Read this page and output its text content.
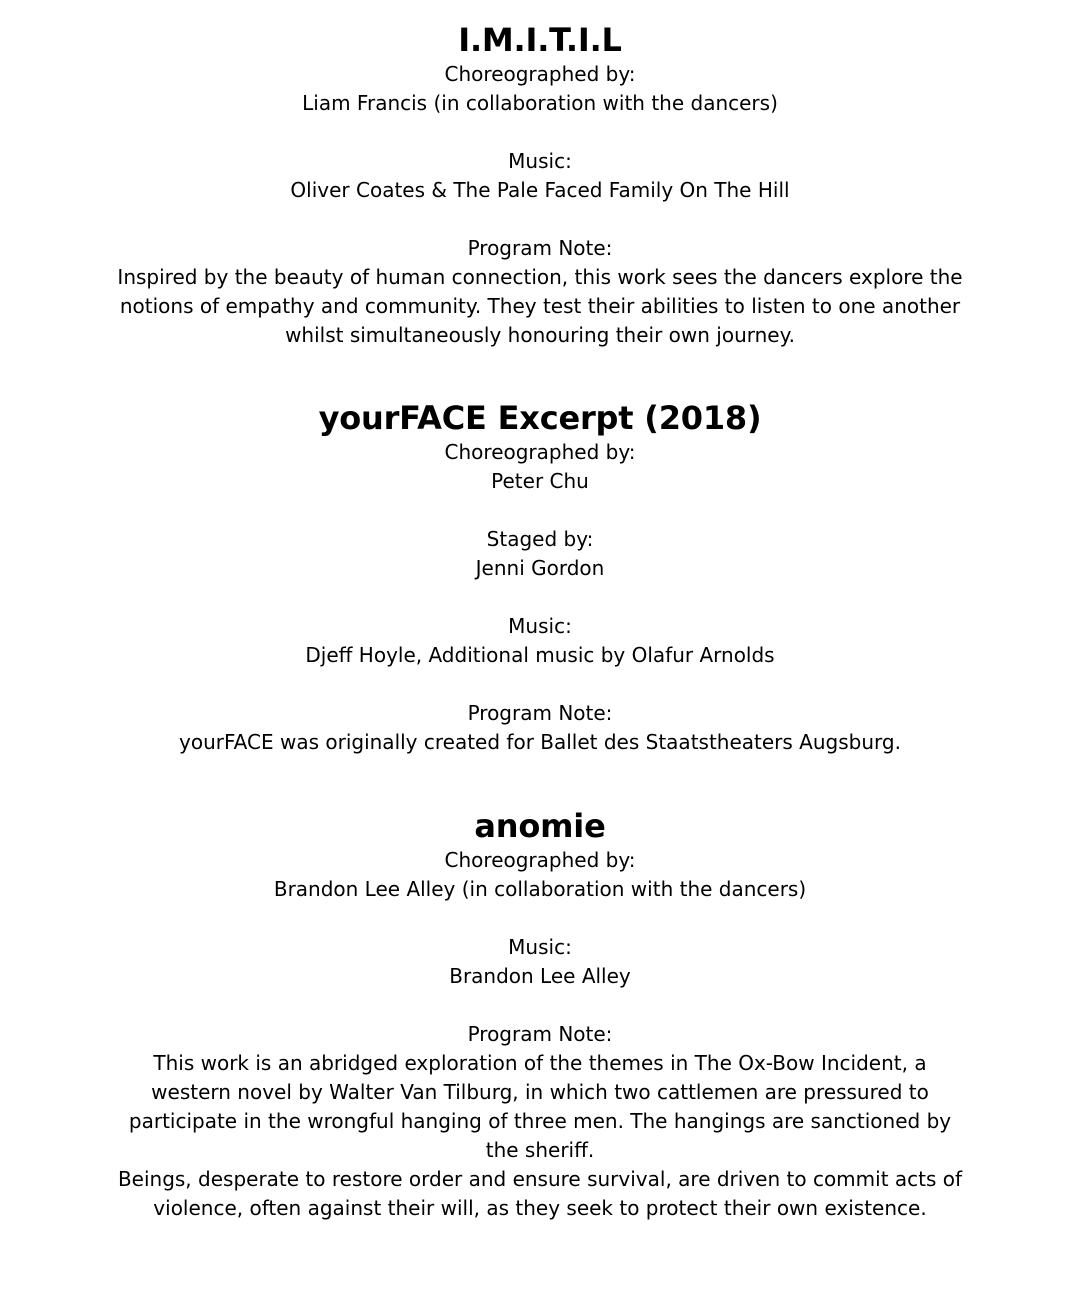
I.M.I.T.I.L

Choreographed by:

Liam Francis (in collaboration with the dancers)

Music:

Oliver Coates & The Pale Faced Family On The Hill

Program Note:

Inspired by the beauty of human connection, this work sees the dancers explore the notions of empathy and community. They test their abilities to listen to one another whilst simultaneously honouring their own journey.

yourFACE Excerpt (2018)

Choreographed by:

Peter Chu

Staged by:

Jenni Gordon

Music:

Djeff Hoyle, Additional music by Olafur Arnolds

Program Note:

yourFACE was originally created for Ballet des Staatstheaters Augsburg.

anomie

Choreographed by:

Brandon Lee Alley (in collaboration with the dancers)

Music:

Brandon Lee Alley

Program Note:

This work is an abridged exploration of the themes in The Ox-Bow Incident, a western novel by Walter Van Tilburg, in which two cattlemen are pressured to participate in the wrongful hanging of three men. The hangings are sanctioned by the sheriff.

Beings, desperate to restore order and ensure survival, are driven to commit acts of violence, often against their will, as they seek to protect their own existence.
